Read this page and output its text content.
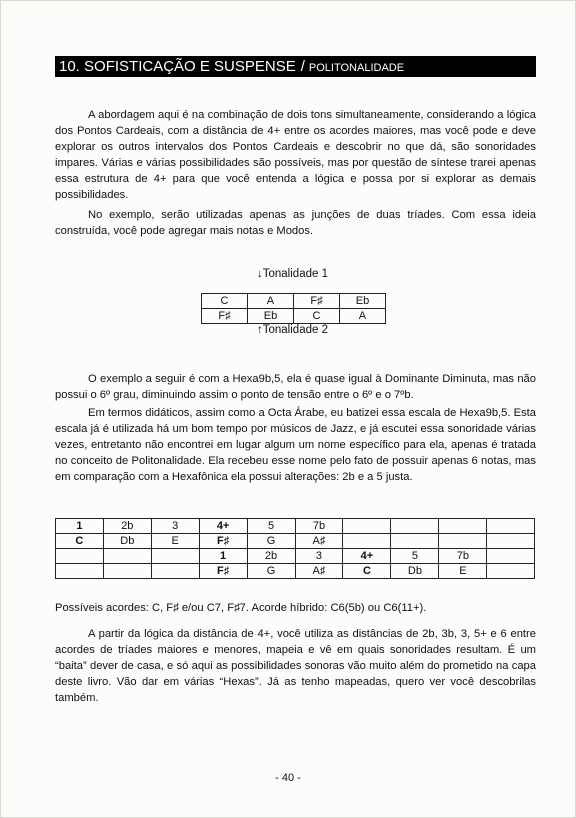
10. SOFISTICAÇÃO E SUSPENSE / POLITONALIDADE
A abordagem aqui é na combinação de dois tons simultaneamente, considerando a lógica dos Pontos Cardeais, com a distância de 4+ entre os acordes maiores, mas você pode e deve explorar os outros intervalos dos Pontos Cardeais e descobrir no que dá, são sonoridades impares. Várias e várias possibilidades são possíveis, mas por questão de síntese trarei apenas essa estrutura de 4+ para que você entenda a lógica e possa por si explorar as demais possibilidades.
No exemplo, serão utilizadas apenas as junções de duas tríades. Com essa ideia construída, você pode agregar mais notas e Modos.
↓Tonalidade 1
C	A	F♯	Eb
F♯	Eb	C	A
↑Tonalidade 2
O exemplo a seguir é com a Hexa9b,5, ela é quase igual à Dominante Diminuta, mas não possui o 6º grau, diminuindo assim o ponto de tensão entre o 6º e o 7ºb.
Em termos didáticos, assim como a Octa Árabe, eu batizei essa escala de Hexa9b,5. Esta escala já é utilizada há um bom tempo por músicos de Jazz, e já escutei essa sonoridade várias vezes, entretanto não encontrei em lugar algum um nome específico para ela, apenas é tratada no conceito de Politonalidade. Ela recebeu esse nome pelo fato de possuir apenas 6 notas, mas em comparação com a Hexafônica ela possui alterações: 2b e a 5 justa.
1	2b	3	4+	5	7b				
C	Db	E	F♯	G	A♯				
			1	2b	3	4+	5	7b	
			F♯	G	A♯	C	Db	E	
Possíveis acordes: C, F♯ e/ou C7, F♯7. Acorde híbrido: C6(5b) ou C6(11+).
A partir da lógica da distância de 4+, você utiliza as distâncias de 2b, 3b, 3, 5+ e 6 entre acordes de tríades maiores e menores, mapeia e vê em quais sonoridades resultam. É um “baita” dever de casa, e só aqui as possibilidades sonoras vão muito além do prometido na capa deste livro. Vão dar em várias “Hexas”. Já as tenho mapeadas, quero ver você descobrilas também.
- 40 -
